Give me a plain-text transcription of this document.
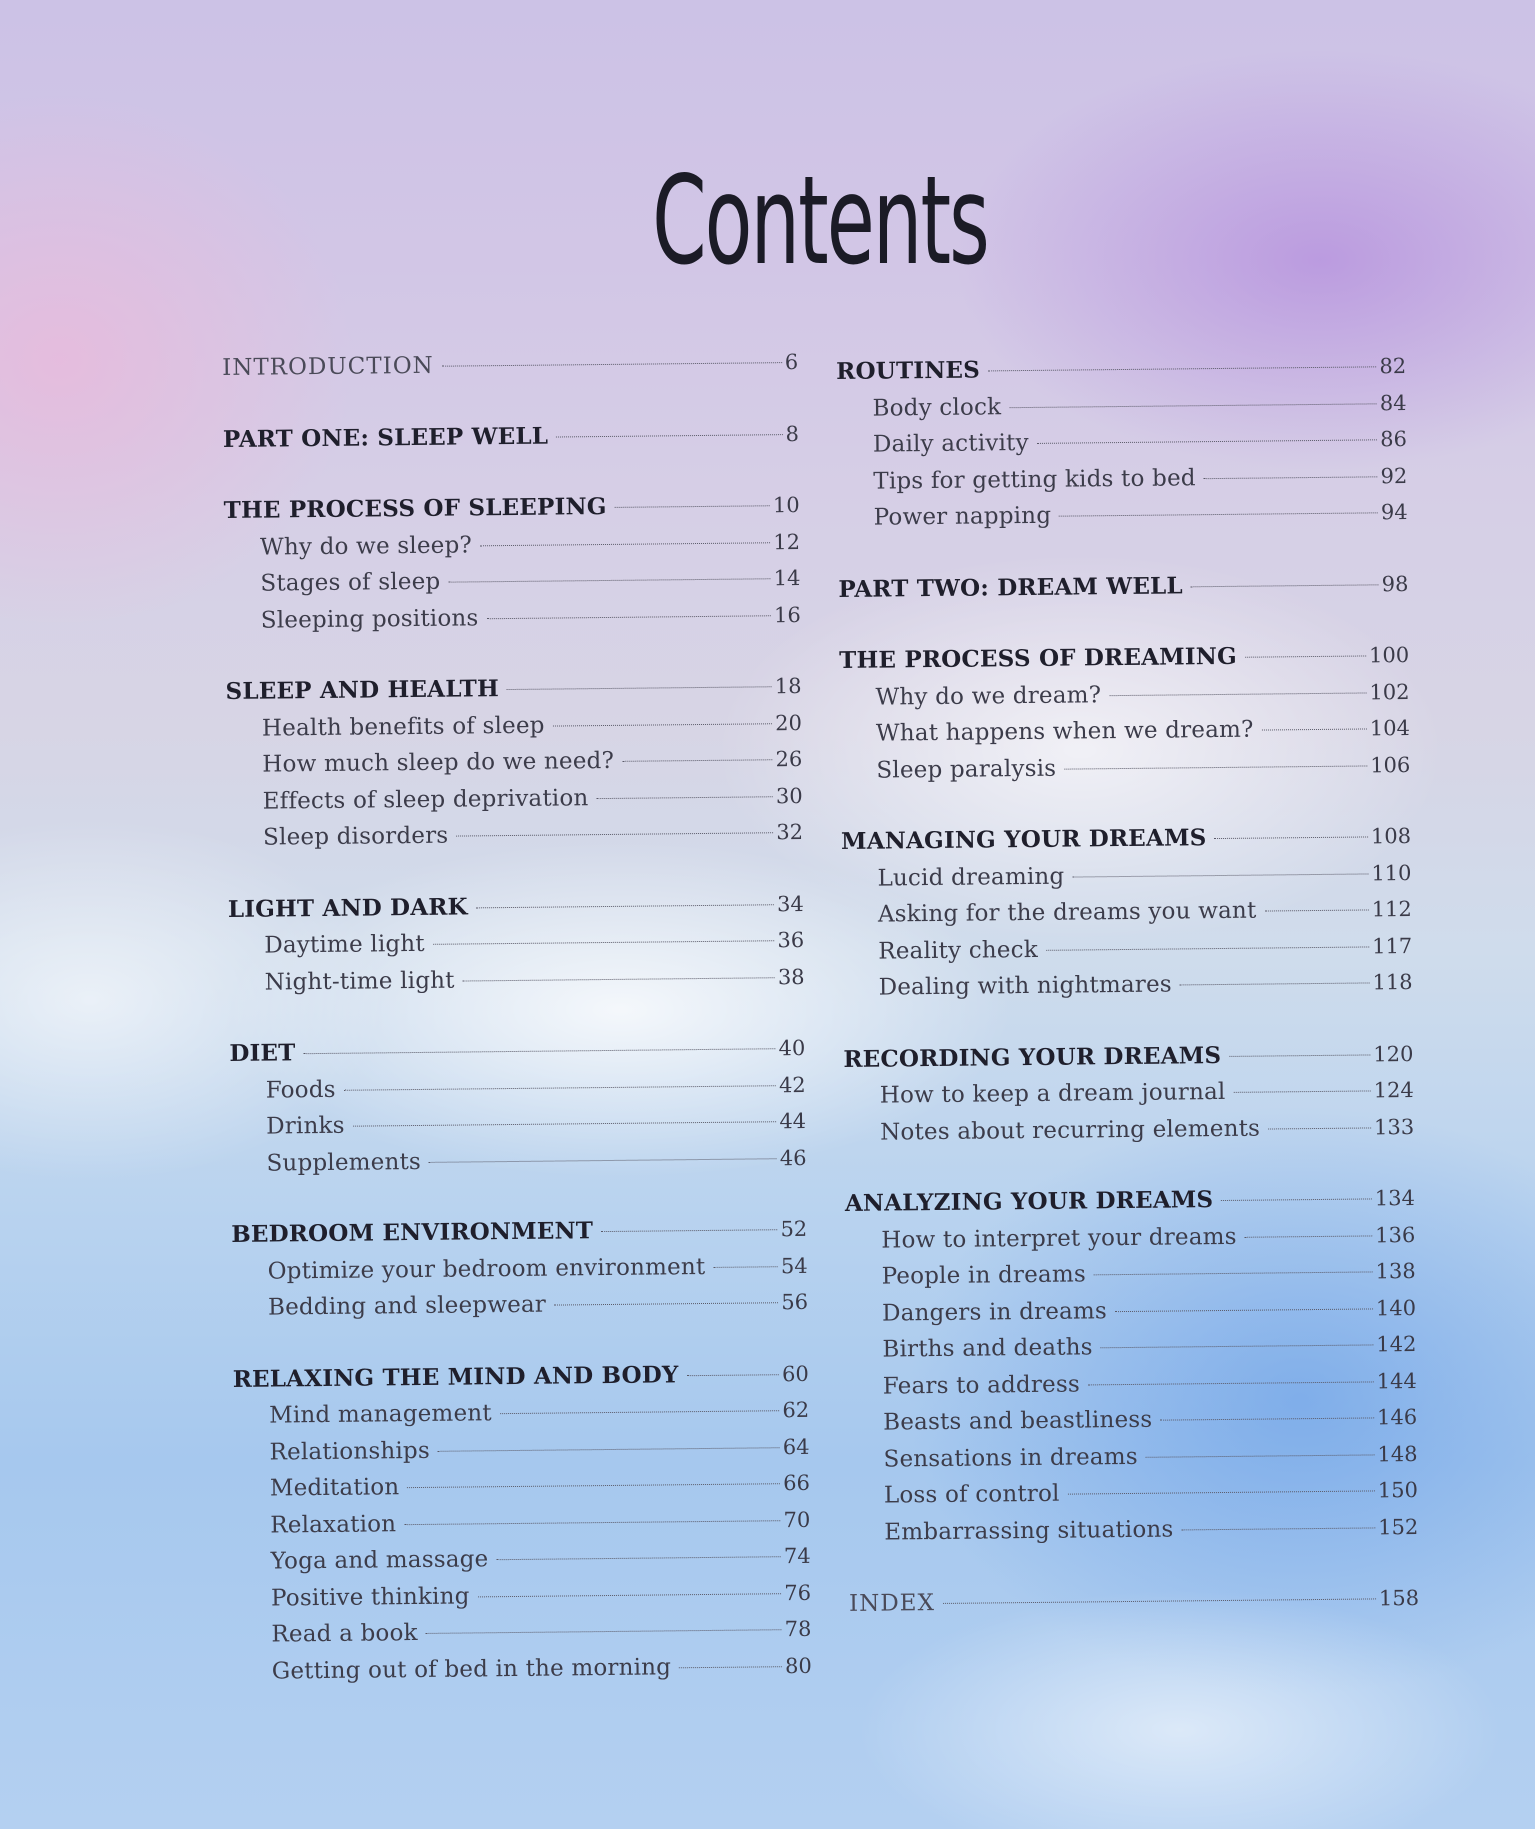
Contents
INTRODUCTION	6
PART ONE: SLEEP WELL	8
THE PROCESS OF SLEEPING	10
Why do we sleep?	12
Stages of sleep	14
Sleeping positions	16
SLEEP AND HEALTH	18
Health benefits of sleep	20
How much sleep do we need?	26
Effects of sleep deprivation	30
Sleep disorders	32
LIGHT AND DARK	34
Daytime light	36
Night-time light	38
DIET	40
Foods	42
Drinks	44
Supplements	46
BEDROOM ENVIRONMENT	52
Optimize your bedroom environment	54
Bedding and sleepwear	56
RELAXING THE MIND AND BODY	60
Mind management	62
Relationships	64
Meditation	66
Relaxation	70
Yoga and massage	74
Positive thinking	76
Read a book	78
Getting out of bed in the morning	80
ROUTINES	82
Body clock	84
Daily activity	86
Tips for getting kids to bed	92
Power napping	94
PART TWO: DREAM WELL	98
THE PROCESS OF DREAMING	100
Why do we dream?	102
What happens when we dream?	104
Sleep paralysis	106
MANAGING YOUR DREAMS	108
Lucid dreaming	110
Asking for the dreams you want	112
Reality check	117
Dealing with nightmares	118
RECORDING YOUR DREAMS	120
How to keep a dream journal	124
Notes about recurring elements	133
ANALYZING YOUR DREAMS	134
How to interpret your dreams	136
People in dreams	138
Dangers in dreams	140
Births and deaths	142
Fears to address	144
Beasts and beastliness	146
Sensations in dreams	148
Loss of control	150
Embarrassing situations	152
INDEX	158
